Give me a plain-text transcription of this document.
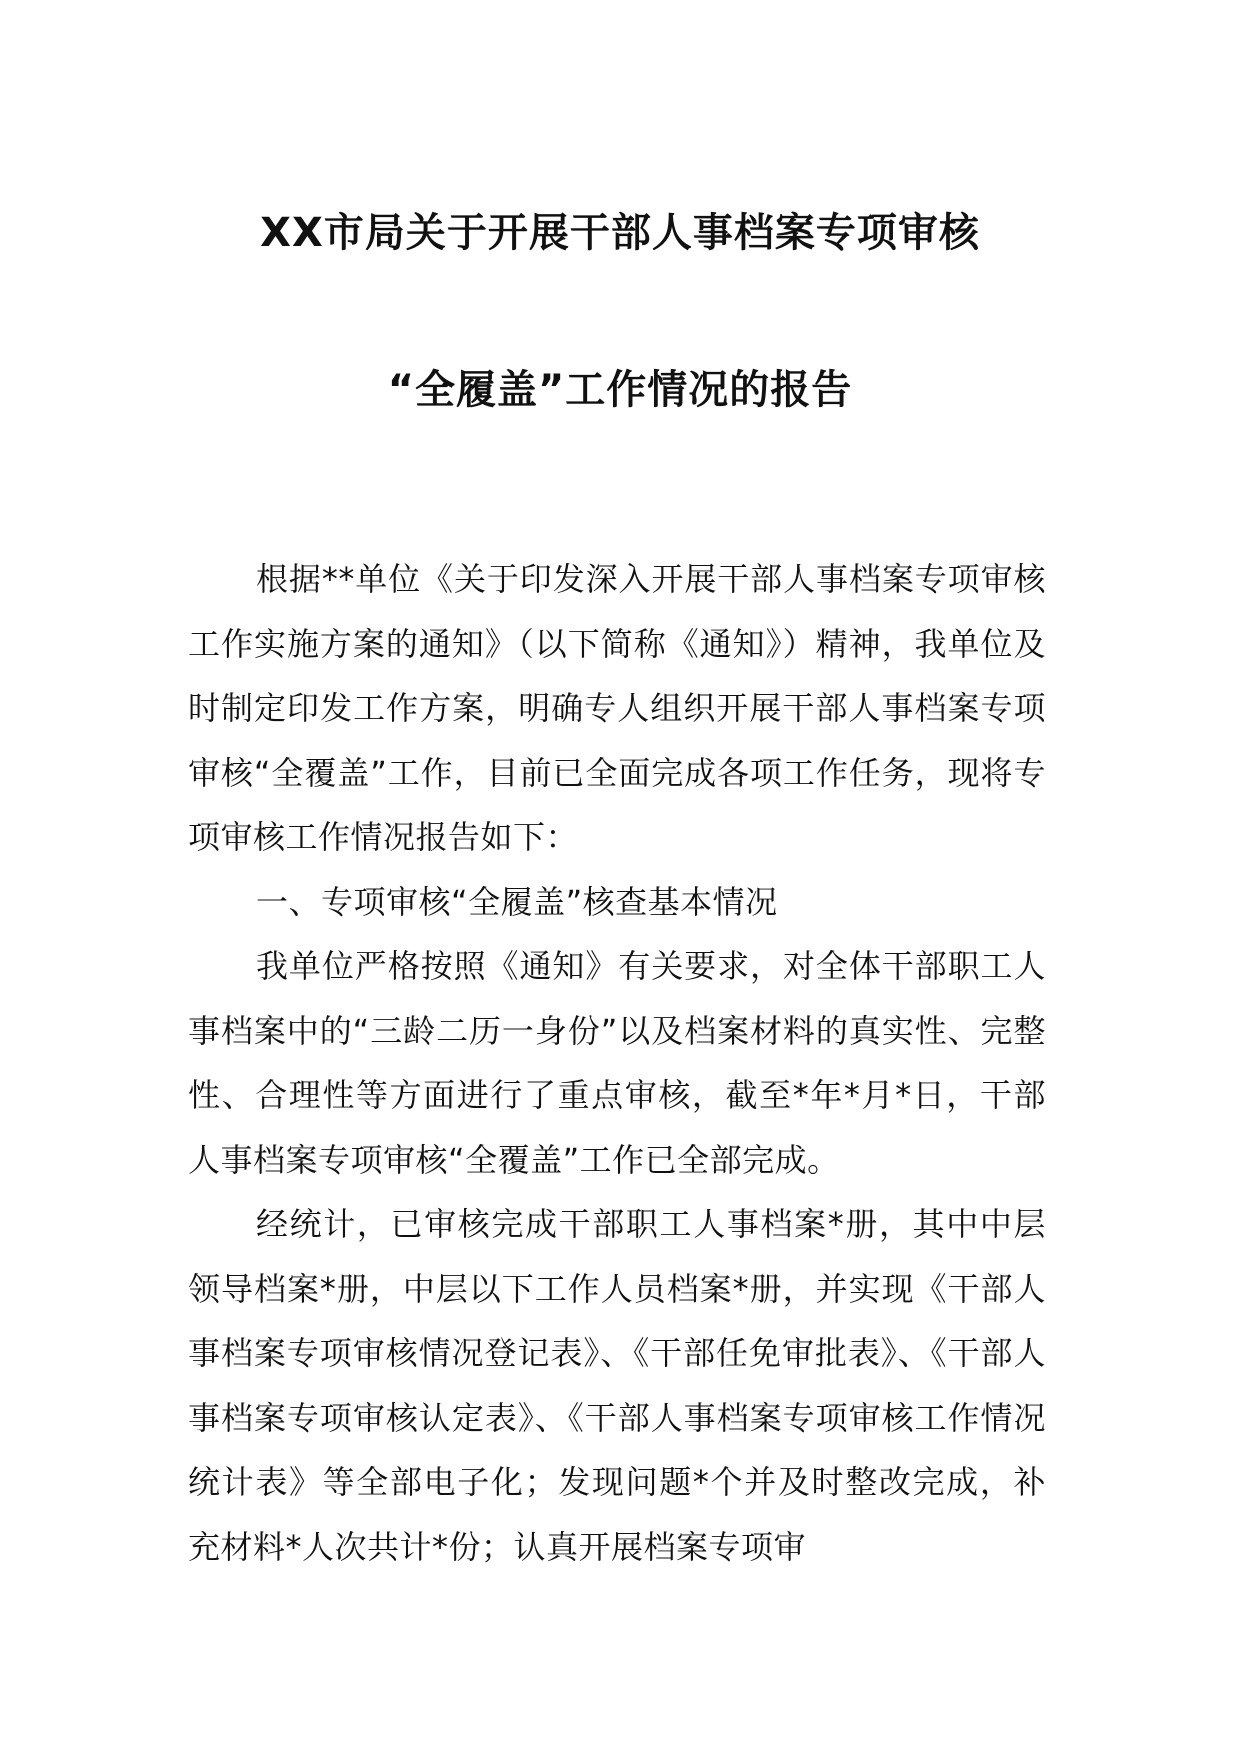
XX市局关于开展干部人事档案专项审核
“全履盖”工作情况的报告

根据**单位《关于印发深入开展干部人事档案专项审核工作实施方案的通知》（以下简称《通知》）精神，我单位及时制定印发工作方案，明确专人组织开展干部人事档案专项审核“全覆盖”工作，目前已全面完成各项工作任务，现将专项审核工作情况报告如下：

一、专项审核“全履盖”核查基本情况

我单位严格按照《通知》有关要求，对全体干部职工人事档案中的“三龄二历一身份”以及档案材料的真实性、完整性、合理性等方面进行了重点审核，截至*年*月*日，干部人事档案专项审核“全覆盖”工作已全部完成。

经统计，已审核完成干部职工人事档案*册，其中中层领导档案*册，中层以下工作人员档案*册，并实现《干部人事档案专项审核情况登记表》、《干部任免审批表》、《干部人事档案专项审核认定表》、《干部人事档案专项审核工作情况统计表》等全部电子化；发现问题*个并及时整改完成，补充材料*人次共计*份；认真开展档案专项审
